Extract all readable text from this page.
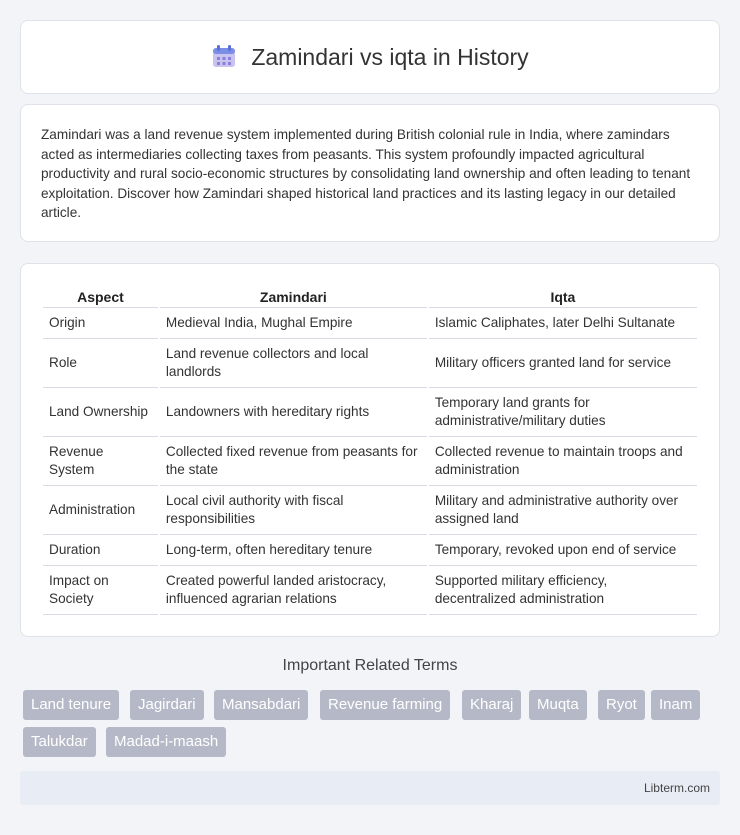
Zamindari vs iqta in History

Zamindari was a land revenue system implemented during British colonial rule in India, where zamindars acted as intermediaries collecting taxes from peasants. This system profoundly impacted agricultural productivity and rural socio-economic structures by consolidating land ownership and often leading to tenant exploitation. Discover how Zamindari shaped historical land practices and its lasting legacy in our detailed article.

Aspect	Zamindari	Iqta
Origin	Medieval India, Mughal Empire	Islamic Caliphates, later Delhi Sultanate
Role	Land revenue collectors and local landlords	Military officers granted land for service
Land Ownership	Landowners with hereditary rights	Temporary land grants for administrative/military duties
Revenue System	Collected fixed revenue from peasants for the state	Collected revenue to maintain troops and administration
Administration	Local civil authority with fiscal responsibilities	Military and administrative authority over assigned land
Duration	Long-term, often hereditary tenure	Temporary, revoked upon end of service
Impact on Society	Created powerful landed aristocracy, influenced agrarian relations	Supported military efficiency, decentralized administration
Important Related Terms
Land tenure	Jagirdari	Mansabdari	Revenue farming	Kharaj	Muqta	Ryot	Inam
Talukdar	Madad-i-maash
Libterm.com
